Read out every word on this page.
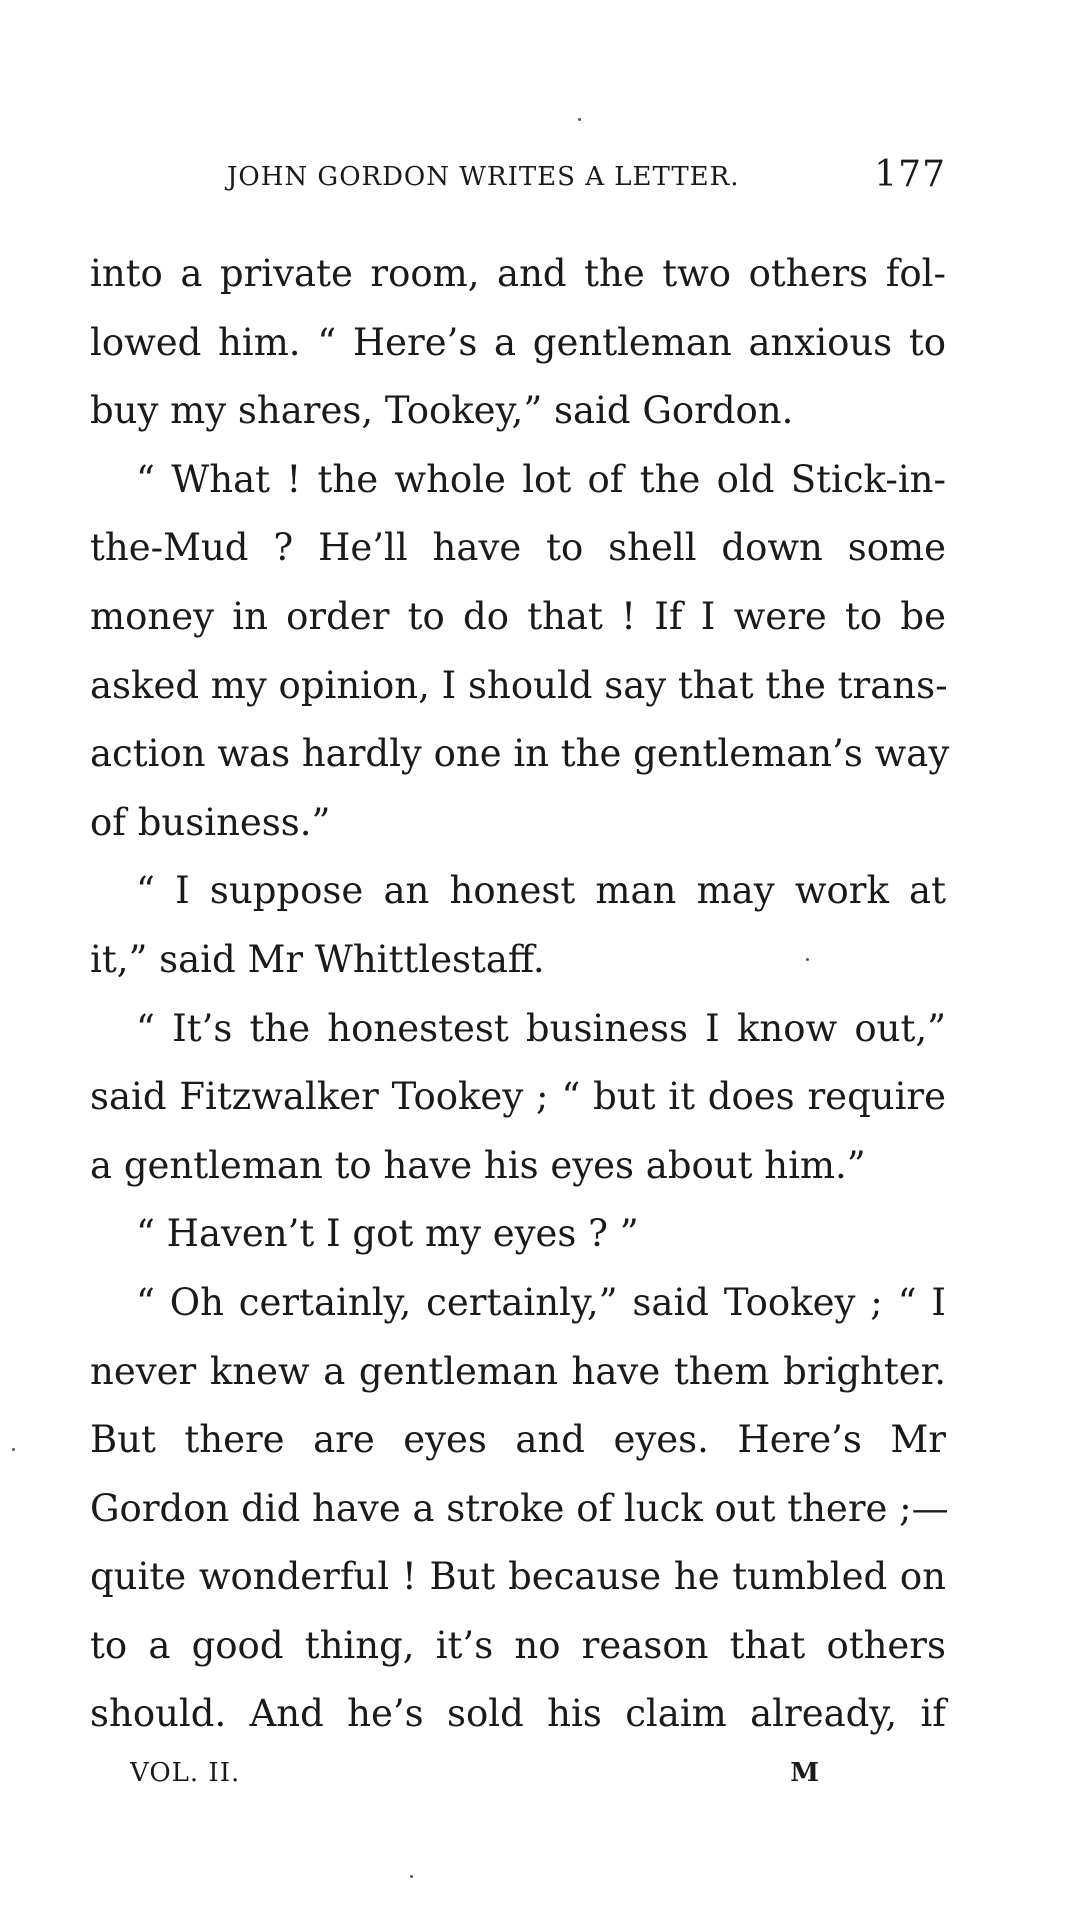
JOHN GORDON WRITES A LETTER.	177
into a private room, and the two others fol-
lowed him. “ Here’s a gentleman anxious to
buy my shares, Tookey,” said Gordon.
“ What ! the whole lot of the old Stick-in-
the-Mud ? He’ll have to shell down some
money in order to do that ! If I were to be
asked my opinion, I should say that the trans-
action was hardly one in the gentleman’s way
of business.”
“ I suppose an honest man may work at
it,” said Mr Whittlestaff.
“ It’s the honestest business I know out,”
said Fitzwalker Tookey ; “ but it does require
a gentleman to have his eyes about him.”
“ Haven’t I got my eyes ? ”
“ Oh certainly, certainly,” said Tookey ; “ I
never knew a gentleman have them brighter.
But there are eyes and eyes. Here’s Mr
Gordon did have a stroke of luck out there ;—
quite wonderful ! But because he tumbled on
to a good thing, it’s no reason that others
should. And he’s sold his claim already, if
VOL. II.	M
